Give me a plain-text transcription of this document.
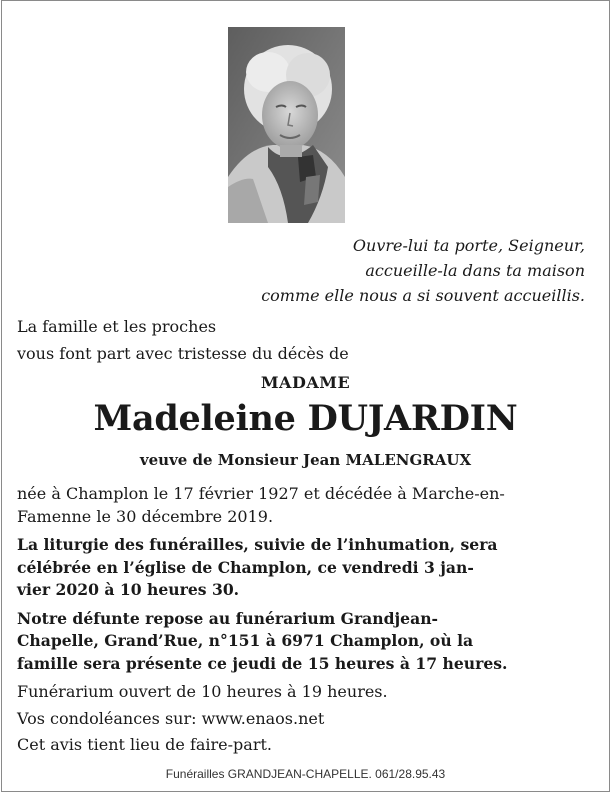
Ouvre-lui ta porte, Seigneur,
accueille-la dans ta maison
comme elle nous a si souvent accueillis.
La famille et les proches
vous font part avec tristesse du décès de
MADAME
Madeleine DUJARDIN
veuve de Monsieur Jean MALENGRAUX

née à Champlon le 17 février 1927 et décédée à Marche-en-
Famenne le 30 décembre 2019.

La liturgie des funérailles, suivie de l’inhumation, sera
célébrée en l’église de Champlon, ce vendredi 3 jan-
vier 2020 à 10 heures 30.

Notre défunte repose au funérarium Grandjean-
Chapelle, Grand’Rue, n°151 à 6971 Champlon, où la
famille sera présente ce jeudi de 15 heures à 17 heures.

Funérarium ouvert de 10 heures à 19 heures.

Vos condoléances sur: www.enaos.net

Cet avis tient lieu de faire-part.

Funérailles GRANDJEAN-CHAPELLE. 061/28.95.43
